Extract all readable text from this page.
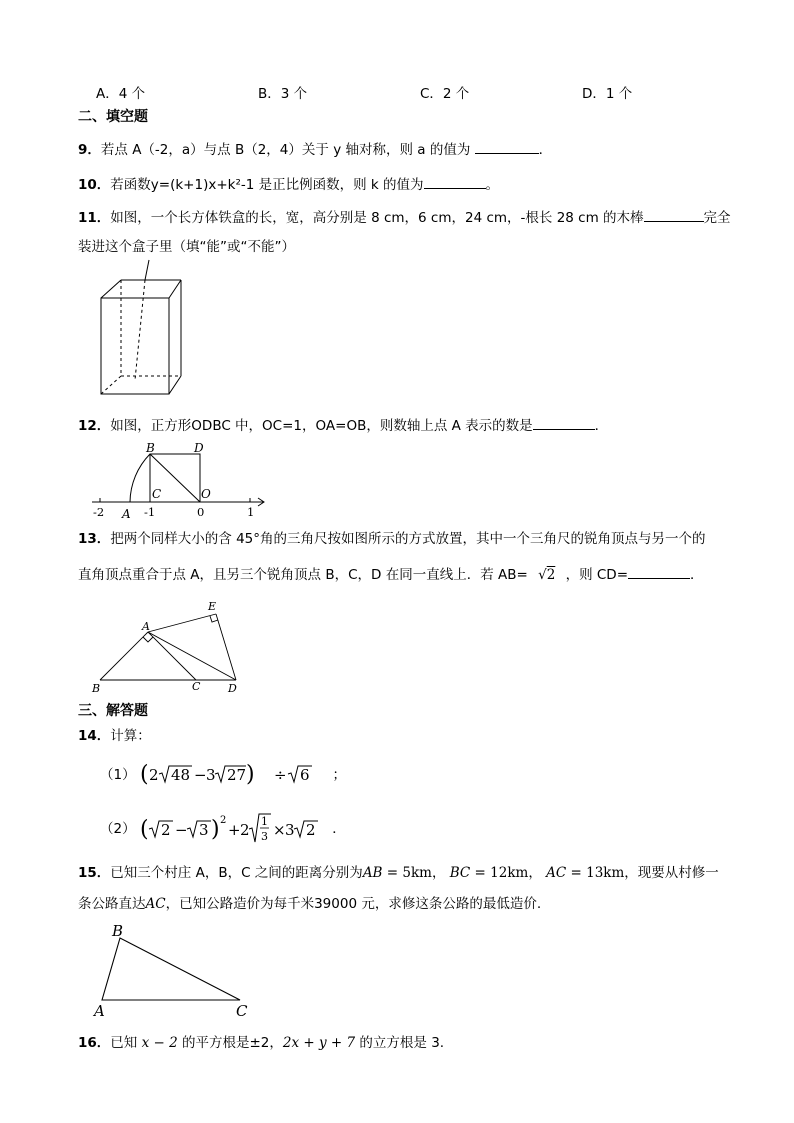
A．4 个	B．3 个	C．2 个	D．1 个
二、填空题
9．若点 A（-2，a）与点 B（2，4）关于 y 轴对称，则 a 的值为	．
10．若函数y=(k+1)x+k²-1 是正比例函数，则 k 的值为	。
11．如图，一个长方体铁盒的长，宽，高分别是 8 cm，6 cm，24 cm，-根长 28 cm 的木棒	完全
装进这个盒子里（填“能”或“不能”）
12．如图，正方形ODBC 中，OC=1，OA=OB，则数轴上点 A 表示的数是	．
B	D
C	O
A
-2	-1	0	1
13．把两个同样大小的含 45°角的三角尺按如图所示的方式放置，其中一个三角尺的锐角顶点与另一个的
直角顶点重合于点 A，且另三个锐角顶点 B，C，D 在同一直线上．若 AB= √2 ，则 CD=	．
A
B	C	D
E
三、解答题
14．计算：
（1） ( 2 48 − 3 27 )
÷ 6 ；
（2） ( 2 − 3 ) 2
+ 2 1
3 × 3 2 ．
15．已知三个村庄 A，B，C 之间的距离分别为AB = 5km， BC = 12km， AC = 13km，现要从村修一
条公路直达AC，已知公路造价为每千米39000 元，求修这条公路的最低造价.
B
A	C
16．已知 x − 2 的平方根是±2，2x + y + 7 的立方根是 3.
